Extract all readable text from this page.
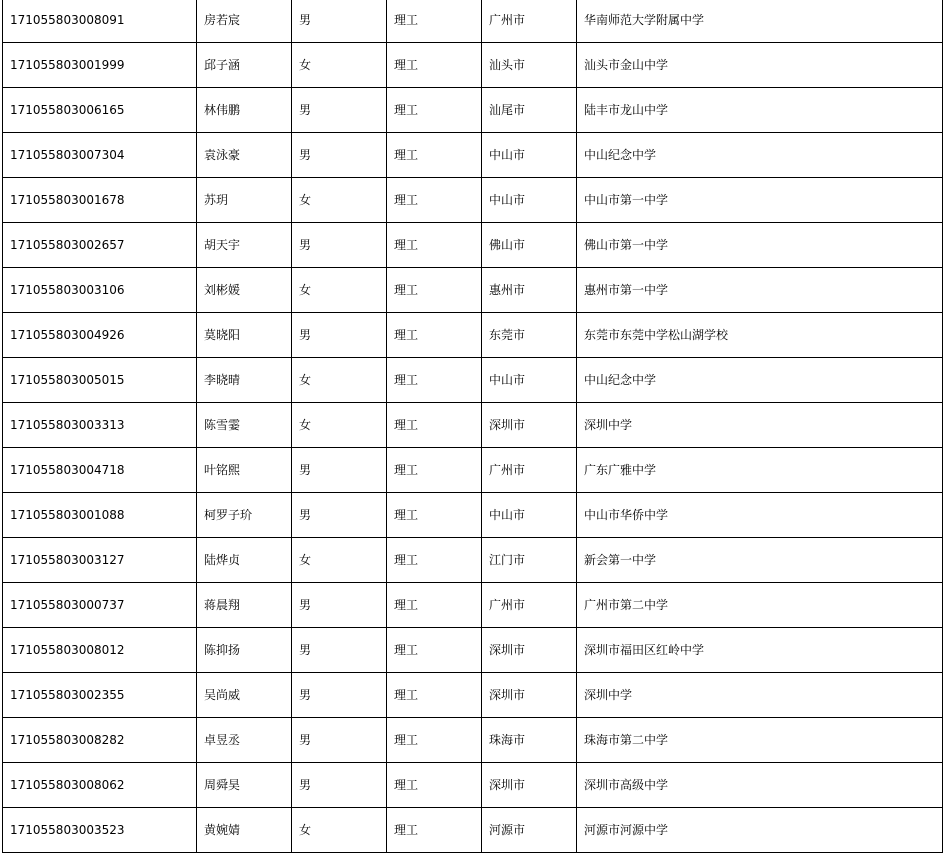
171055803008091	房若宸	男	理工	广州市	华南师范大学附属中学
171055803001999	邱子涵	女	理工	汕头市	汕头市金山中学
171055803006165	林伟鹏	男	理工	汕尾市	陆丰市龙山中学
171055803007304	袁泳豪	男	理工	中山市	中山纪念中学
171055803001678	苏玥	女	理工	中山市	中山市第一中学
171055803002657	胡天宇	男	理工	佛山市	佛山市第一中学
171055803003106	刘彬媛	女	理工	惠州市	惠州市第一中学
171055803004926	莫晓阳	男	理工	东莞市	东莞市东莞中学松山湖学校
171055803005015	李晓晴	女	理工	中山市	中山纪念中学
171055803003313	陈雪霎	女	理工	深圳市	深圳中学
171055803004718	叶铭熙	男	理工	广州市	广东广雅中学
171055803001088	柯罗子玠	男	理工	中山市	中山市华侨中学
171055803003127	陆烨贞	女	理工	江门市	新会第一中学
171055803000737	蒋晨翔	男	理工	广州市	广州市第二中学
171055803008012	陈抑扬	男	理工	深圳市	深圳市福田区红岭中学
171055803002355	吴尚威	男	理工	深圳市	深圳中学
171055803008282	卓昱丞	男	理工	珠海市	珠海市第二中学
171055803008062	周舜昊	男	理工	深圳市	深圳市高级中学
171055803003523	黄婉婧	女	理工	河源市	河源市河源中学
